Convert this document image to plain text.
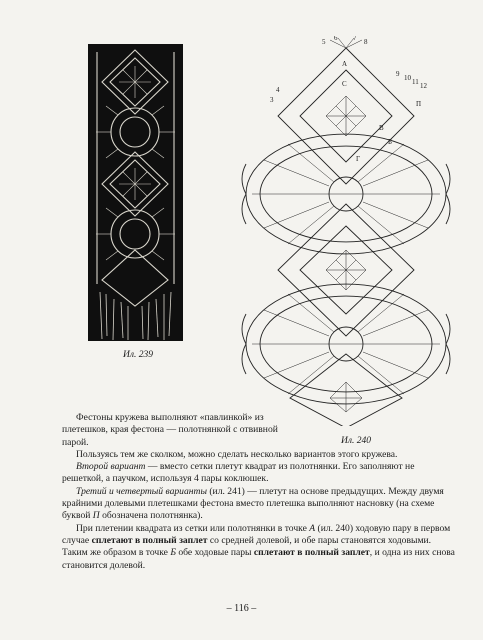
Ил. 239
5 6 7 8
3
4
9 10 11 12
А
Б
В
Г
П
С
Ил. 240

Фестоны кружева выполняют «павлинкой» из плетешков, края фестона — полотнянкой с отвивной парой.

Пользуясь тем же сколком, можно сделать несколько вариантов этого кружева.

Второй вариант — вместо сетки плетут квадрат из полотнянки. Его заполняют не решеткой, а паучком, используя 4 пары коклюшек.

Третий и четвертый варианты (ил. 241) — плетут на основе предыдущих. Между двумя крайними долевыми плетешками фестона вместо плетешка выполняют насновку (на схеме буквой П обозначена полотнянка).

При плетении квадрата из сетки или полотнянки в точке А (ил. 240) ходовую пару в первом случае сплетают в полный заплет со средней долевой, и обе пары становятся ходовыми. Таким же образом в точке Б обе ходовые пары сплетают в полный заплет, и одна из них снова становится долевой.

– 116 –
